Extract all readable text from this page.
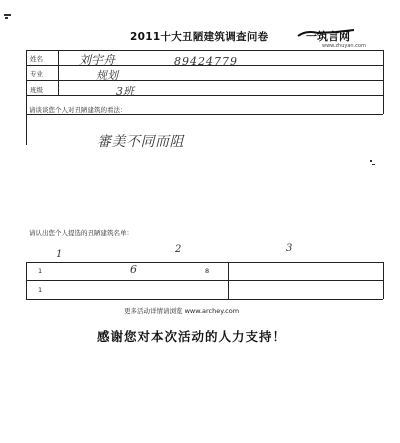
2011十大丑陋建筑调查问卷	一筑言网
www.zhuyan.com
姓名	刘宇舟	89424779
专业	规划
班级	3班
请谈谈您个人对丑陋建筑的看法：
審美不同而阻
请认出您个人提选的丑陋建筑名单：
1	2	3
1	6	8
1
更多活动详情请浏览 www.archey.com
感谢您对本次活动的人力支持！
